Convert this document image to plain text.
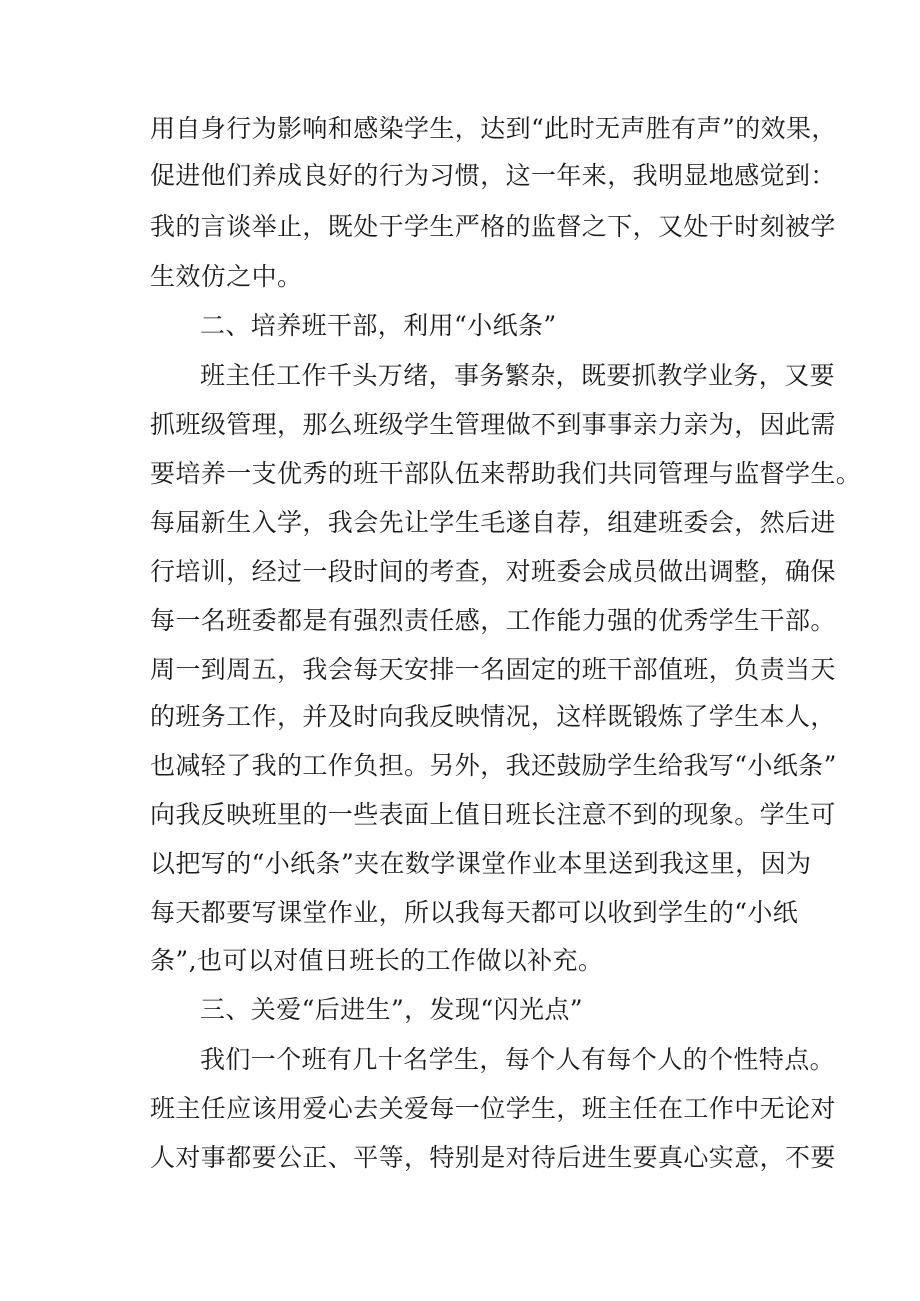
用自身行为影响和感染学生，达到“此时无声胜有声”的效果，
促进他们养成良好的行为习惯，这一年来，我明显地感觉到：
我的言谈举止，既处于学生严格的监督之下，又处于时刻被学
生效仿之中。
二、培养班干部，利用“小纸条”
班主任工作千头万绪，事务繁杂，既要抓教学业务，又要
抓班级管理，那么班级学生管理做不到事事亲力亲为，因此需
要培养一支优秀的班干部队伍来帮助我们共同管理与监督学生。
每届新生入学，我会先让学生毛遂自荐，组建班委会，然后进
行培训，经过一段时间的考查，对班委会成员做出调整，确保
每一名班委都是有强烈责任感，工作能力强的优秀学生干部。
周一到周五，我会每天安排一名固定的班干部值班，负责当天
的班务工作，并及时向我反映情况，这样既锻炼了学生本人，
也减轻了我的工作负担。另外，我还鼓励学生给我写“小纸条”
向我反映班里的一些表面上值日班长注意不到的现象。学生可
以把写的“小纸条”夹在数学课堂作业本里送到我这里，因为
每天都要写课堂作业，所以我每天都可以收到学生的“小纸
条”,也可以对值日班长的工作做以补充。
三、关爱“后进生”，发现“闪光点”
我们一个班有几十名学生，每个人有每个人的个性特点。
班主任应该用爱心去关爱每一位学生，班主任在工作中无论对
人对事都要公正、平等，特别是对待后进生要真心实意，不要
